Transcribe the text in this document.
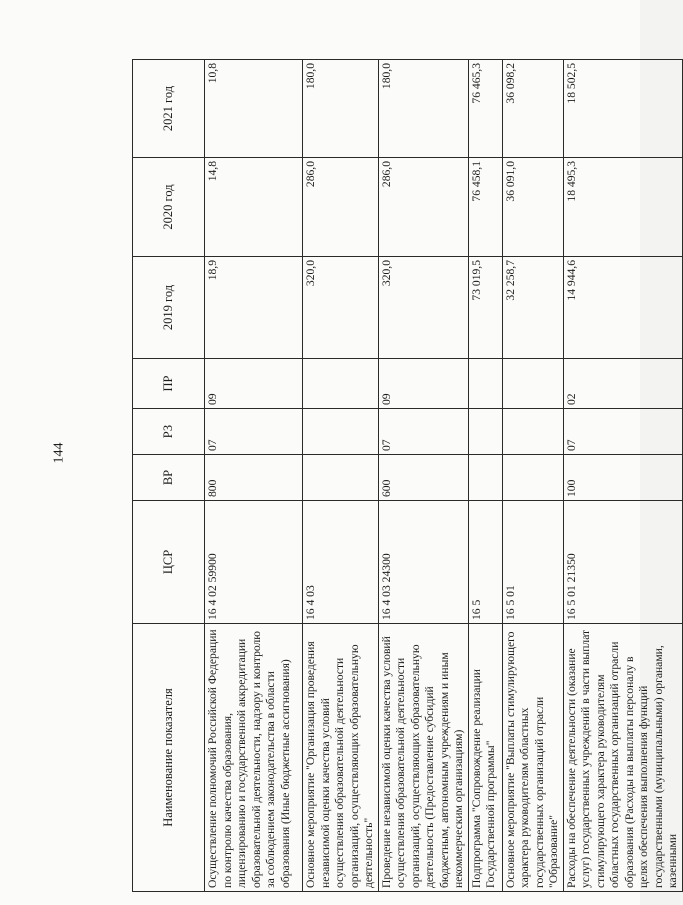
144
Наименование показателя	ЦСР	ВР	РЗ	ПР	2019 год	2020 год	2021 год
Осуществление полномочий Российской Федерации по контролю качества образования, лицензированию и государственной аккредитации образовательной деятельности, надзору и контролю за соблюдением законодательства в области образования (Иные бюджетные ассигнования)	16 4 02 59900	800	07	09	18,9	14,8	10,8
Основное мероприятие "Организация проведения независимой оценки качества условий осуществления образовательной деятельности организаций, осуществляющих образовательную деятельность"	16 4 03				320,0	286,0	180,0
Проведение независимой оценки качества условий осуществления образовательной деятельности организаций, осуществляющих образовательную деятельность (Предоставление субсидий бюджетным, автономным учреждениям и иным некоммерческим организациям)	16 4 03 24300	600	07	09	320,0	286,0	180,0
Подпрограмма "Сопровождение реализации Государственной программы"	16 5				73 019,5	76 458,1	76 465,3
Основное мероприятие "Выплаты стимулирующего характера руководителям областных государственных организаций отрасли "Образование"	16 5 01				32 258,7	36 091,0	36 098,2
Расходы на обеспечение деятельности (оказание услуг) государственных учреждений в части выплат стимулирующего характера руководителям областных государственных организаций отрасли образования (Расходы на выплаты персоналу в целях обеспечения выполнения функций государственными (муниципальными) органами, казенными	16 5 01 21350	100	07	02	14 944,6	18 495,3	18 502,5
